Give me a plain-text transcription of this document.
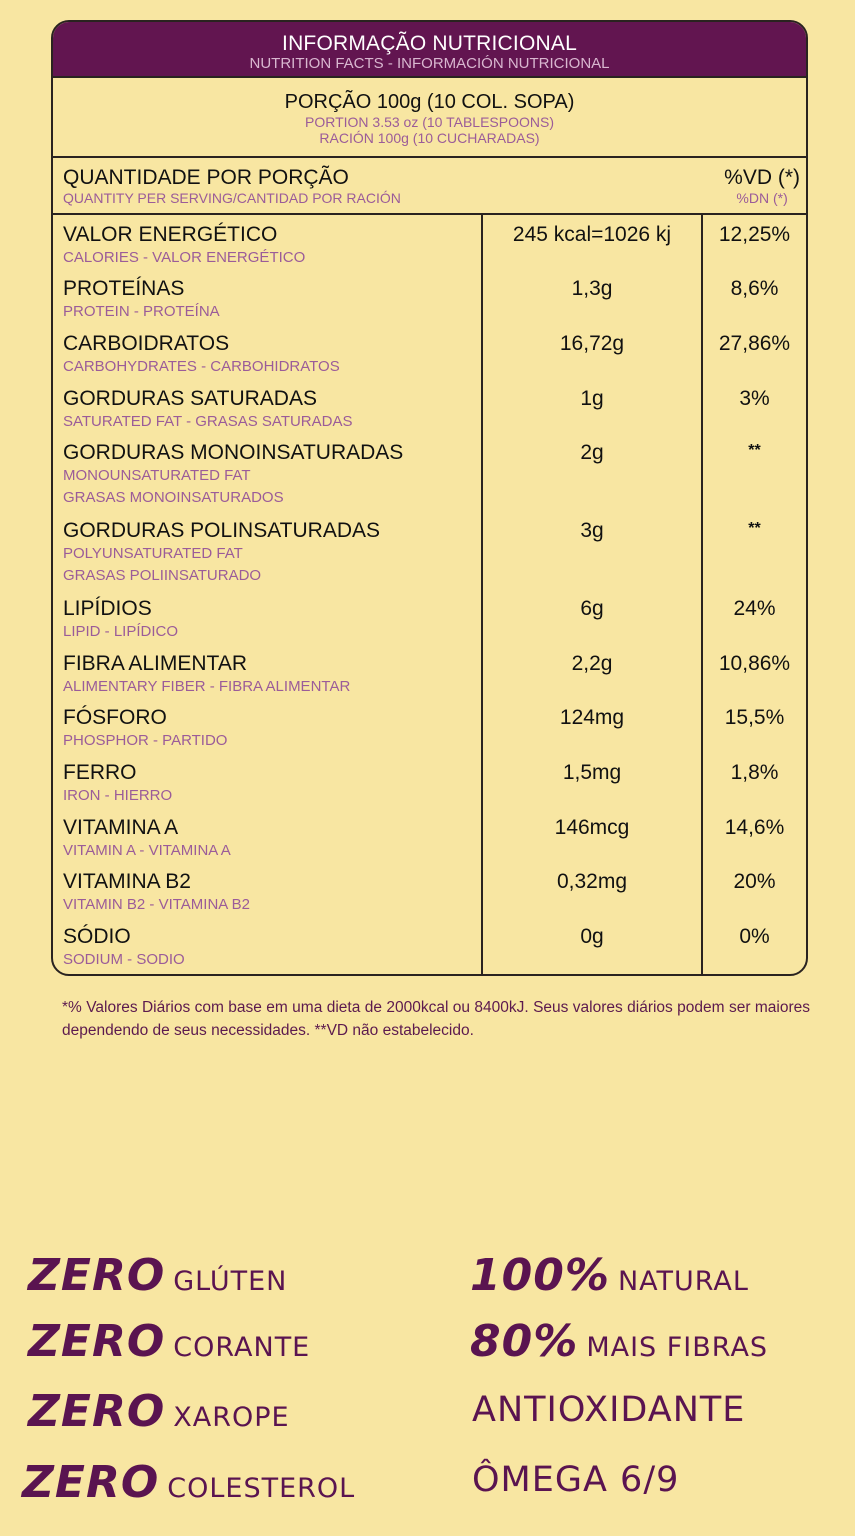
INFORMAÇÃO NUTRICIONAL
NUTRITION FACTS - INFORMACIÓN NUTRICIONAL
PORÇÃO 100g (10 COL. SOPA)
PORTION 3.53 oz (10 TABLESPOONS)
RACIÓN 100g (10 CUCHARADAS)
QUANTIDADE POR PORÇÃO
QUANTITY PER SERVING/CANTIDAD POR RACIÓN
%VD (*)
%DN (*)
VALOR ENERGÉTICO
CALORIES - VALOR ENERGÉTICO
245 kcal=1026 kj	12,25%
PROTEÍNAS
PROTEIN - PROTEÍNA
1,3g	8,6%
CARBOIDRATOS
CARBOHYDRATES - CARBOHIDRATOS
16,72g	27,86%
GORDURAS SATURADAS
SATURATED FAT - GRASAS SATURADAS
1g	3%
GORDURAS MONOINSATURADAS
MONOUNSATURATED FAT
GRASAS MONOINSATURADOS
2g	**
GORDURAS POLINSATURADAS
POLYUNSATURATED FAT
GRASAS POLIINSATURADO
3g	**
LIPÍDIOS
LIPID - LIPÍDICO
6g	24%
FIBRA ALIMENTAR
ALIMENTARY FIBER - FIBRA ALIMENTAR
2,2g	10,86%
FÓSFORO
PHOSPHOR - PARTIDO
124mg	15,5%
FERRO
IRON - HIERRO
1,5mg	1,8%
VITAMINA A
VITAMIN A - VITAMINA A
146mcg	14,6%
VITAMINA B2
VITAMIN B2 - VITAMINA B2
0,32mg	20%
SÓDIO
SODIUM - SODIO
0g	0%
*% Valores Diários com base em uma dieta de 2000kcal ou 8400kJ. Seus valores diários podem ser maiores dependendo de seus necessidades. **VD não estabelecido.
ZERO GLÚTEN
ZERO CORANTE
ZERO XAROPE
ZERO COLESTEROL
100% NATURAL
80% MAIS FIBRAS
ANTIOXIDANTE
ÔMEGA 6/9
